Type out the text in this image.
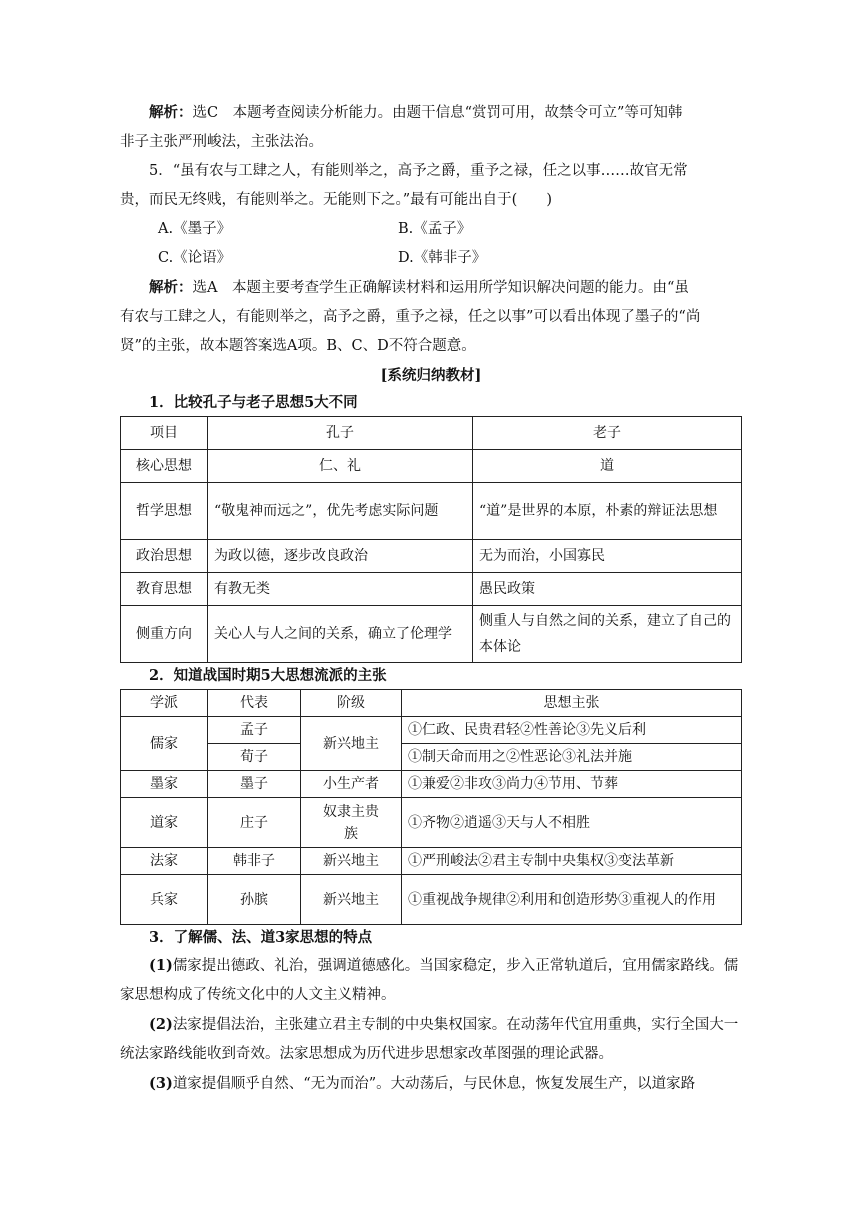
解析：选C　本题考查阅读分析能力。由题干信息“赏罚可用，故禁令可立”等可知韩

非子主张严刑峻法，主张法治。

5．“虽有农与工肆之人，有能则举之，高予之爵，重予之禄，任之以事……故官无常

贵，而民无终贱，有能则举之。无能则下之。”最有可能出自于(　　)

A.《墨子》	B.《孟子》

C.《论语》	D.《韩非子》

解析：选A　本题主要考查学生正确解读材料和运用所学知识解决问题的能力。由“虽

有农与工肆之人，有能则举之，高予之爵，重予之禄，任之以事”可以看出体现了墨子的“尚

贤”的主张，故本题答案选A项。B、C、D不符合题意。

[系统归纳教材]

1．比较孔子与老子思想5大不同

项目	孔子	老子
核心思想	仁、礼	道
哲学思想	“敬鬼神而远之”，优先考虑实际问题	“道”是世界的本原，朴素的辩证法思想
政治思想	为政以德，逐步改良政治	无为而治，小国寡民
教育思想	有教无类	愚民政策
侧重方向	关心人与人之间的关系，确立了伦理学	侧重人与自然之间的关系，建立了自己的本体论

2．知道战国时期5大思想流派的主张

学派	代表	阶级	思想主张
儒家	孟子	新兴地主	①仁政、民贵君轻②性善论③先义后利
	荀子		①制天命而用之②性恶论③礼法并施
墨家	墨子	小生产者	①兼爱②非攻③尚力④节用、节葬
道家	庄子	奴隶主贵族	①齐物②逍遥③天与人不相胜
法家	韩非子	新兴地主	①严刑峻法②君主专制中央集权③变法革新
兵家	孙膑	新兴地主	①重视战争规律②利用和创造形势③重视人的作用

3．了解儒、法、道3家思想的特点

(1)儒家提出德政、礼治，强调道德感化。当国家稳定，步入正常轨道后，宜用儒家路线。儒家思想构成了传统文化中的人文主义精神。

(2)法家提倡法治，主张建立君主专制的中央集权国家。在动荡年代宜用重典，实行全国大一统法家路线能收到奇效。法家思想成为历代进步思想家改革图强的理论武器。

(3)道家提倡顺乎自然、“无为而治”。大动荡后，与民休息，恢复发展生产，以道家路
